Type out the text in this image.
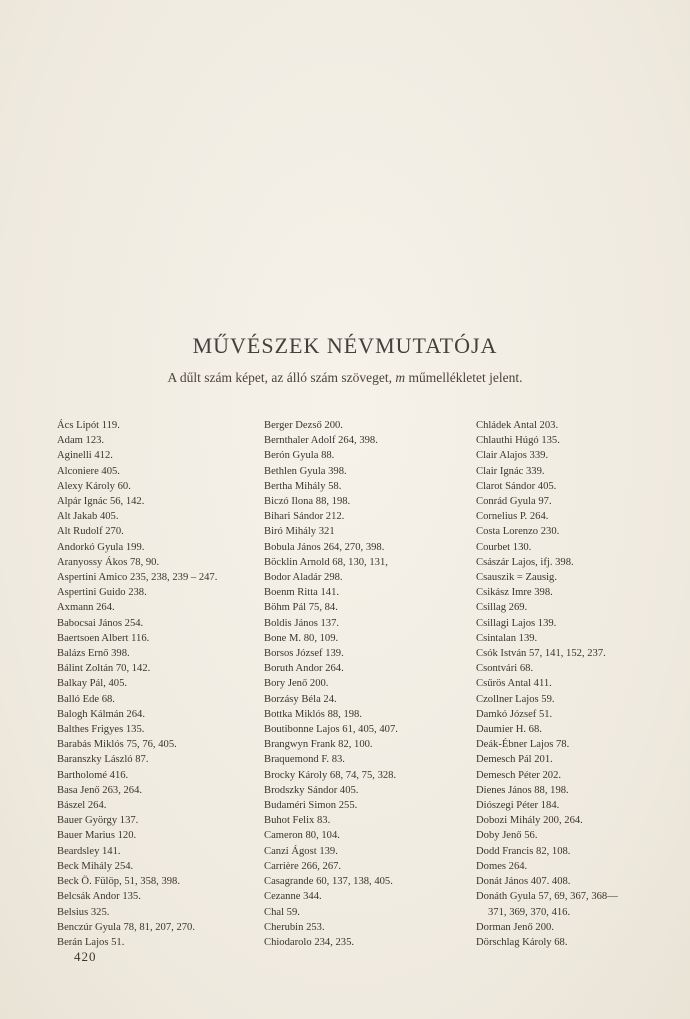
MŰVÉSZEK NÉVMUTATÓJA
A dűlt szám képet, az álló szám szöveget, m műmellékletet jelent.
Ács Lipót 119.
Adam 123.
Aginelli 412.
Alconiere 405.
Alexy Károly 60.
Alpár Ignác 56, 142.
Alt Jakab 405.
Alt Rudolf 270.
Andorkó Gyula 199.
Aranyossy Ákos 78, 90.
Aspertini Amico 235, 238, 239 – 247.
Aspertini Guido 238.
Axmann 264.
Babocsai János 254.
Baertsoen Albert 116.
Balázs Ernő 398.
Bálint Zoltán 70, 142.
Balkay Pál, 405.
Balló Ede 68.
Balogh Kálmán 264.
Balthes Frigyes 135.
Barabás Miklós 75, 76, 405.
Baranszky László 87.
Bartholomé 416.
Basa Jenő 263, 264.
Bászel 264.
Bauer György 137.
Bauer Marius 120.
Beardsley 141.
Beck Mihály 254.
Beck Ö. Fülöp, 51, 358, 398.
Belcsák Andor 135.
Belsius 325.
Benczúr Gyula 78, 81, 207, 270.
Berán Lajos 51.
Berger Dezső 200.
Bernthaler Adolf 264, 398.
Berón Gyula 88.
Bethlen Gyula 398.
Bertha Mihály 58.
Biczó Ilona 88, 198.
Bihari Sándor 212.
Biró Mihály 321
Bobula János 264, 270, 398.
Böcklin Arnold 68, 130, 131,
Bodor Aladár 298.
Boenm Ritta 141.
Böhm Pál 75, 84.
Boldis János 137.
Bone M. 80, 109.
Borsos József 139.
Boruth Andor 264.
Bory Jenő 200.
Borzásy Béla 24.
Bottka Miklós 88, 198.
Boutibonne Lajos 61, 405, 407.
Brangwyn Frank 82, 100.
Braquemond F. 83.
Brocky Károly 68, 74, 75, 328.
Brodszky Sándor 405.
Budaméri Simon 255.
Buhot Felix 83.
Cameron 80, 104.
Canzi Ágost 139.
Carrière 266, 267.
Casagrande 60, 137, 138, 405.
Cezanne 344.
Chal 59.
Cherubin 253.
Chiodarolo 234, 235.
Chládek Antal 203.
Chlauthi Húgó 135.
Clair Alajos 339.
Clair Ignác 339.
Clarot Sándor 405.
Conrád Gyula 97.
Cornelius P. 264.
Costa Lorenzo 230.
Courbet 130.
Császár Lajos, ifj. 398.
Csauszik = Zausig.
Csikász Imre 398.
Csillag 269.
Csillagi Lajos 139.
Csintalan 139.
Csók István 57, 141, 152, 237.
Csontvári 68.
Csűrös Antal 411.
Czollner Lajos 59.
Damkó József 51.
Daumier H. 68.
Deák-Ébner Lajos 78.
Demesch Pál 201.
Demesch Péter 202.
Dienes János 88, 198.
Diószegi Péter 184.
Dobozi Mihály 200, 264.
Doby Jenő 56.
Dodd Francis 82, 108.
Domes 264.
Donát János 407. 408.
Donáth Gyula 57, 69, 367, 368—
371, 369, 370, 416.
Dorman Jenő 200.
Dörschlag Károly 68.
420
